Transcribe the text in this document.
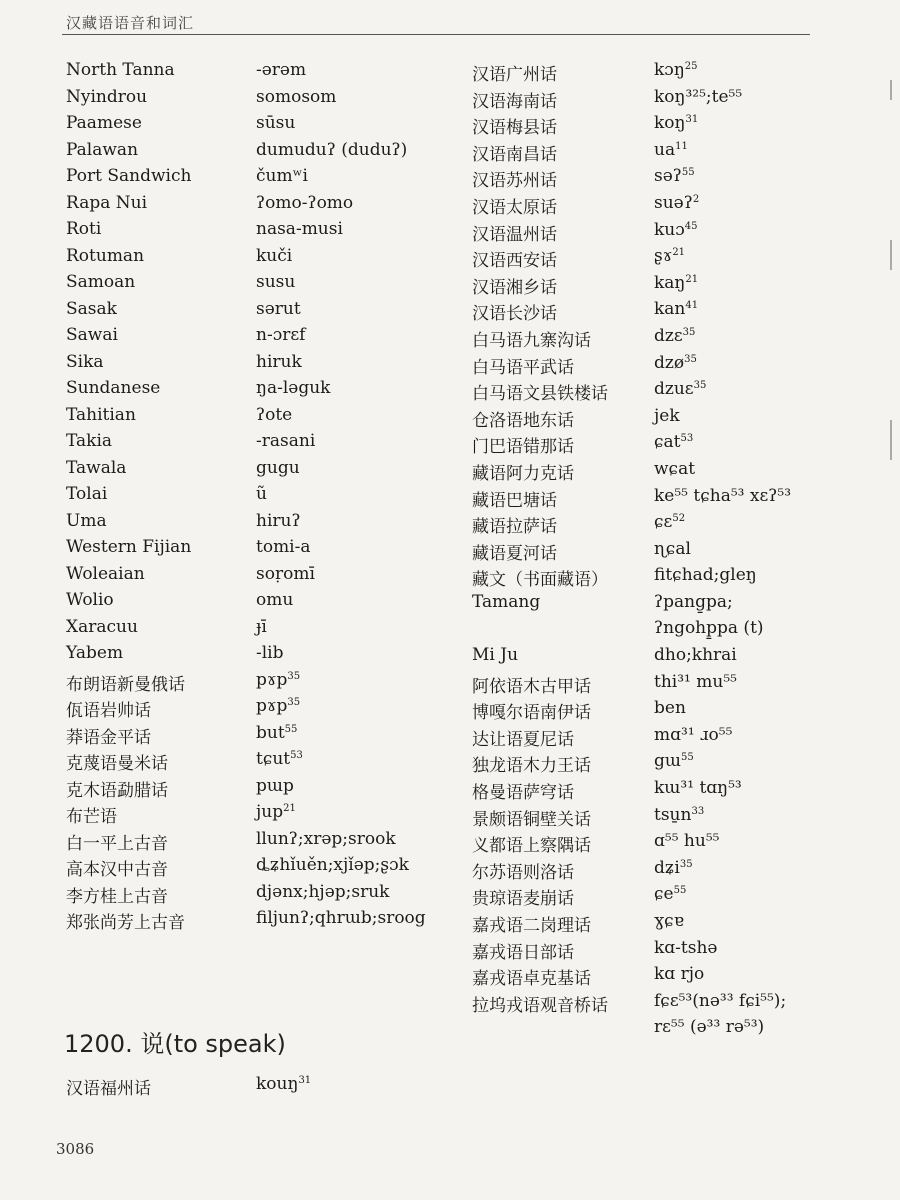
汉藏语语音和词汇
North Tanna	-ərəm
Nyindrou	somosom
Paamese	sūsu
Palawan	dumuduʔ (duduʔ)
Port Sandwich	čumʷi
Rapa Nui	ʔomo-ʔomo
Roti	nasa-musi
Rotuman	kuči
Samoan	susu
Sasak	sərut
Sawai	n-ɔrɛf
Sika	hiruk
Sundanese	ŋa-ləguk
Tahitian	ʔote
Takia	-rasani
Tawala	gugu
Tolai	ũ
Uma	hiruʔ
Western Fijian	tomi-a
Woleaian	soṛomī
Wolio	omu
Xaracuu	ɟī
Yabem	-lib
布朗语新曼俄话	pɤp$^{35}$
佤语岩帅话	pɤp$^{35}$
莽语金平话	but$^{55}$
克蔑语曼米话	tɕut$^{53}$
克木语勐腊话	pɯp
布芒语	jup$^{21}$
白一平上古音	llunʔ;xrəp;srook
高本汉中古音	ȡʑhǐuěn;xjǐəp;ʂɔk
李方桂上古音	djənx;hjəp;sruk
郑张尚芳上古音	filjunʔ;qhrɯb;sroog
汉语广州话	kɔŋ$^{25}$
汉语海南话	koŋ³²⁵;te⁵⁵
汉语梅县话	koŋ$^{31}$
汉语南昌话	$ua^{11}$
汉语苏州话	səʔ$^{55}$
汉语太原话	suəʔ$^2$
汉语温州话	kuɔ$^{45}$
汉语西安话	ʂɤ$^{21}$
汉语湘乡话	kaŋ$^{21}$
汉语长沙话	kan$^{41}$
白马语九寨沟话	dzɛ$^{35}$
白马语平武话	dzø$^{35}$
白马语文县铁楼话	dzuɛ$^{35}$
仓洛语地东话	jek
门巴语错那话	ɕat$^{53}$
藏语阿力克话	wɕat
藏语巴塘话	ke⁵⁵ tɕha⁵³ xɛʔ⁵³
藏语拉萨话	ɕɛ$^{52}$
藏语夏河话	ɳɕal
藏文（书面藏语）	fitɕhad;gleŋ
Tamang	ʔpang̱pa;
ʔngohp̱pa (t)
Mi Ju	dho;khrai
阿依语木古甲话	thi³¹ mu⁵⁵
博嘎尔语南伊话	ben
达让语夏尼话	mɑ³¹ ɹo⁵⁵
独龙语木力王话	gɯ$^{55}$
格曼语萨穹话	kɯ³¹ tɑŋ⁵³
景颇语铜壁关话	$tsu̱n^{33}$
义都语上察隅话	ɑ⁵⁵ hu⁵⁵
尔苏语则洛话	dʑi$^{35}$
贵琼语麦崩话	ɕe$^{55}$
嘉戎语二岗理话	ɣɕɐ
嘉戎语日部话	kɑ-tshə
嘉戎语卓克基话	kɑ rjo
拉坞戎语观音桥话	fɕɛ⁵³(nə³³ fɕi⁵⁵);
rɛ⁵⁵ (ə³³ rə⁵³)
1200. 说(to speak)
汉语福州话	kouŋ$^{31}$
3086
